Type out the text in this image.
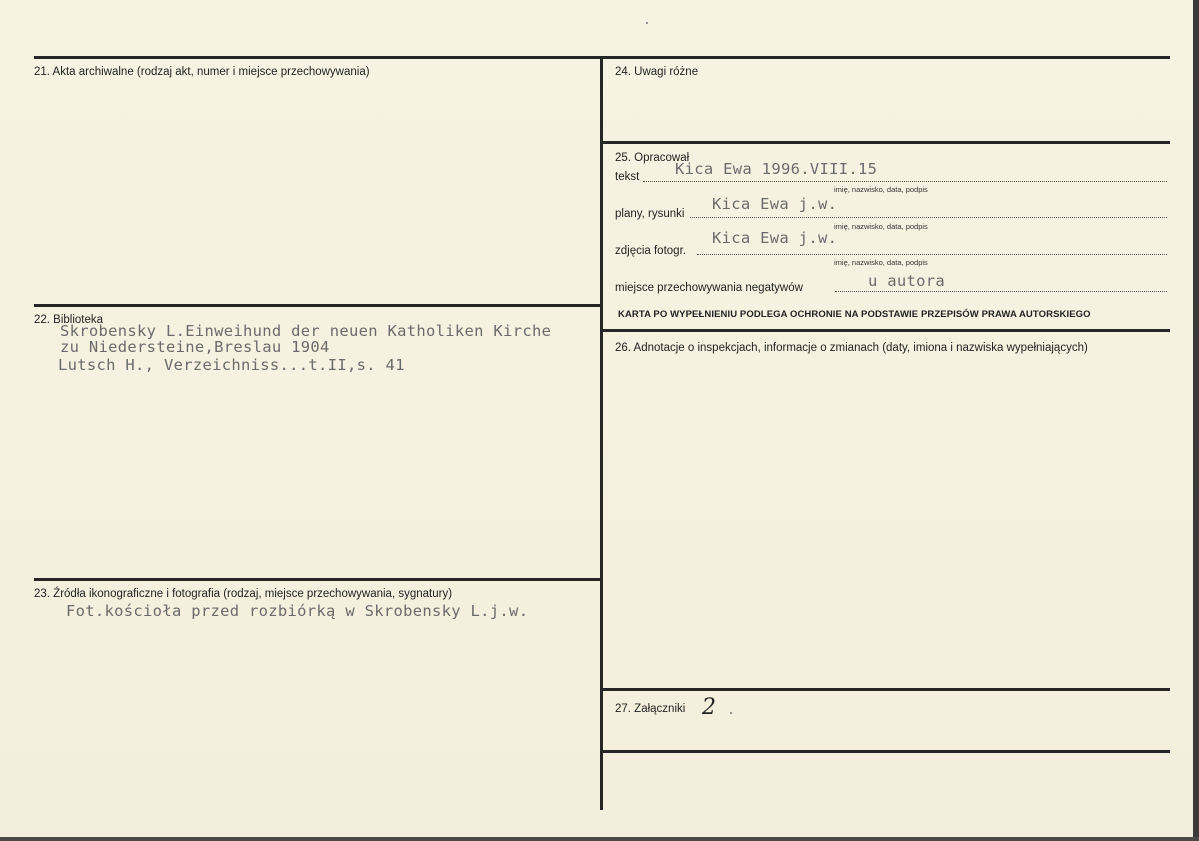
21. Akta archiwalne (rodzaj akt, numer i miejsce przechowywania)
22. Biblioteka
Skrobensky L.Einweihund der neuen Katholiken Kirche
zu Niedersteine,Breslau 1904
Lutsch H., Verzeichniss...t.II,s. 41
23. Źródła ikonograficzne i fotografia (rodzaj, miejsce przechowywania, sygnatury)
Fot.kościoła przed rozbiórką w Skrobensky L.j.w.
24. Uwagi różne
25. Opracował
tekst Kica Ewa 1996.VIII.15
imię, nazwisko, data, podpis
plany, rysunki
Kica Ewa j.w.
imię, nazwisko, data, podpis
zdjęcia fotogr.
Kica Ewa j.w.
imię, nazwisko, data, podpis
miejsce przechowywania negatywów	u autora
KARTA PO WYPEŁNIENIU PODLEGA OCHRONIE NA PODSTAWIE PRZEPISÓW PRAWA AUTORSKIEGO
26. Adnotacje o inspekcjach, informacje o zmianach (daty, imiona i nazwiska wypełniających)
27. Załączniki 2
